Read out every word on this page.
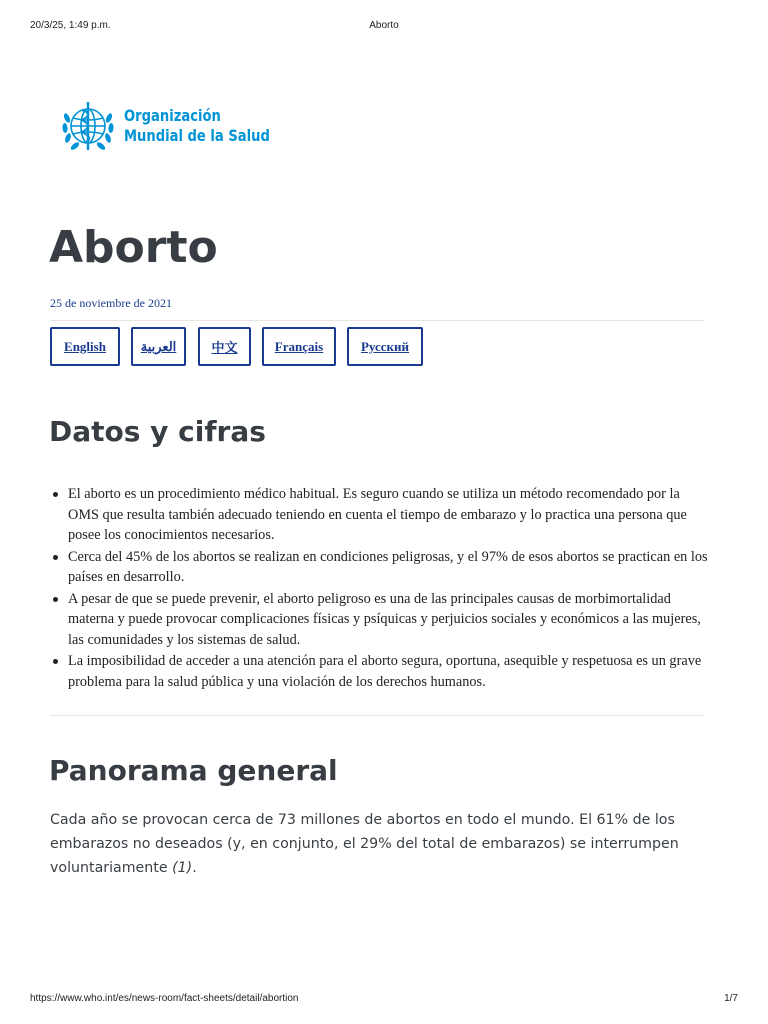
20/3/25, 1:49 p.m.	Aborto
Organización
Mundial de la Salud
Aborto
25 de noviembre de 2021
English	العربية	中文	Français	Русский
Datos y cifras
El aborto es un procedimiento médico habitual. Es seguro cuando se utiliza un método recomendado por la OMS que resulta también adecuado teniendo en cuenta el tiempo de embarazo y lo practica una persona que posee los conocimientos necesarios.
Cerca del 45% de los abortos se realizan en condiciones peligrosas, y el 97% de esos abortos se practican en los países en desarrollo.
A pesar de que se puede prevenir, el aborto peligroso es una de las principales causas de morbimortalidad materna y puede provocar complicaciones físicas y psíquicas y perjuicios sociales y económicos a las mujeres, las comunidades y los sistemas de salud.
La imposibilidad de acceder a una atención para el aborto segura, oportuna, asequible y respetuosa es un grave problema para la salud pública y una violación de los derechos humanos.
Panorama general

Cada año se provocan cerca de 73 millones de abortos en todo el mundo. El 61% de los embarazos no deseados (y, en conjunto, el 29% del total de embarazos) se interrumpen voluntariamente (1).

https://www.who.int/es/news-room/fact-sheets/detail/abortion	1/7
